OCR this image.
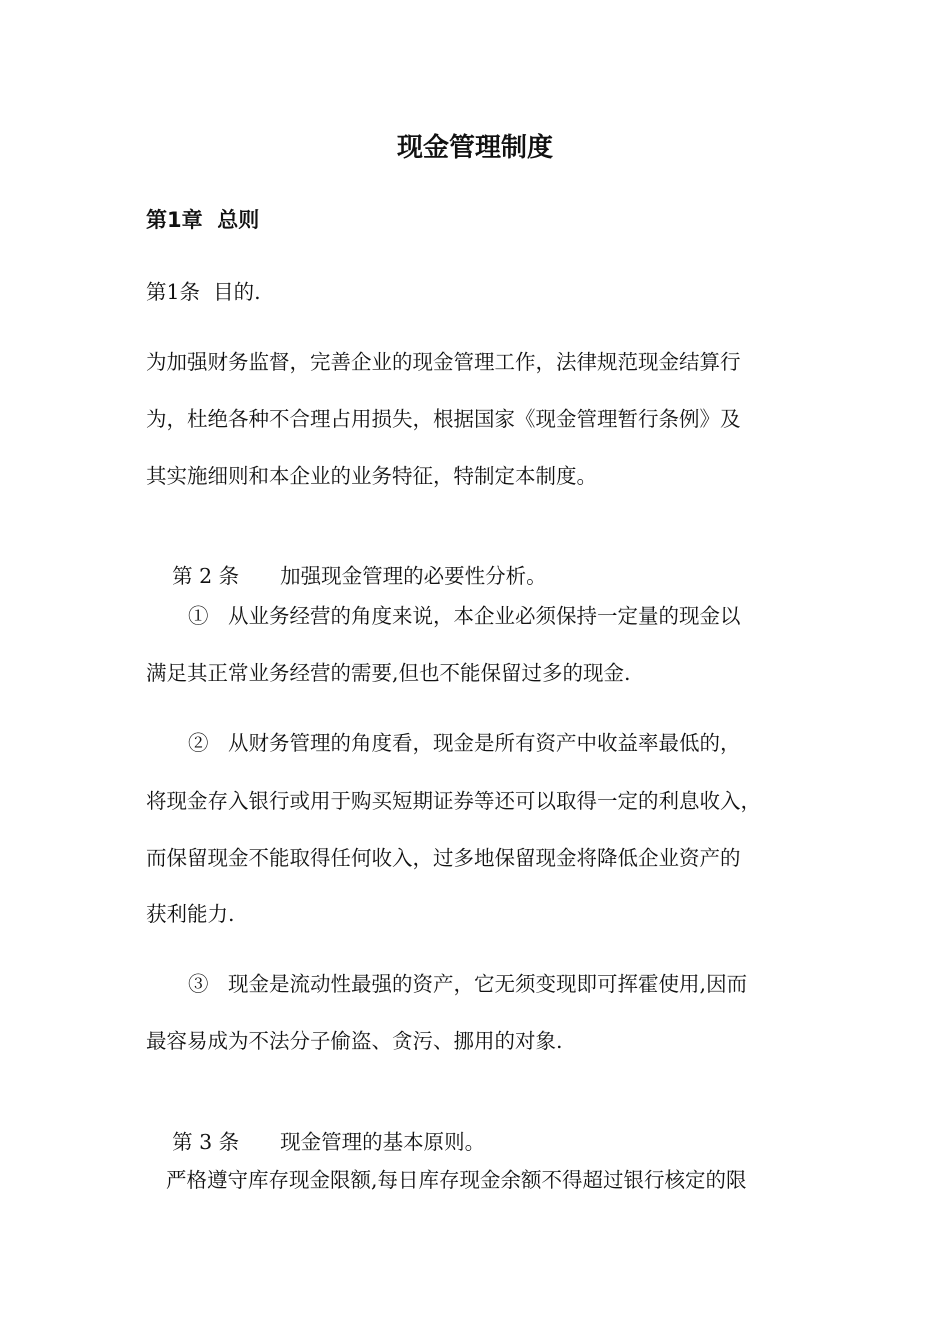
现金管理制度
第1章  总则
第1条  目的.
为加强财务监督，完善企业的现金管理工作，法律规范现金结算行
为，杜绝各种不合理占用损失，根据国家《现金管理暂行条例》及
其实施细则和本企业的业务特征，特制定本制度。

第 2 条 加强现金管理的必要性分析。

①   从业务经营的角度来说，本企业必须保持一定量的现金以
满足其正常业务经营的需要,但也不能保留过多的现金.
②   从财务管理的角度看，现金是所有资产中收益率最低的，
将现金存入银行或用于购买短期证券等还可以取得一定的利息收入，
而保留现金不能取得任何收入，过多地保留现金将降低企业资产的
获利能力.
③   现金是流动性最强的资产，它无须变现即可挥霍使用,因而
最容易成为不法分子偷盗、贪污、挪用的对象.

第 3 条 现金管理的基本原则。

严格遵守库存现金限额,每日库存现金余额不得超过银行核定的限
